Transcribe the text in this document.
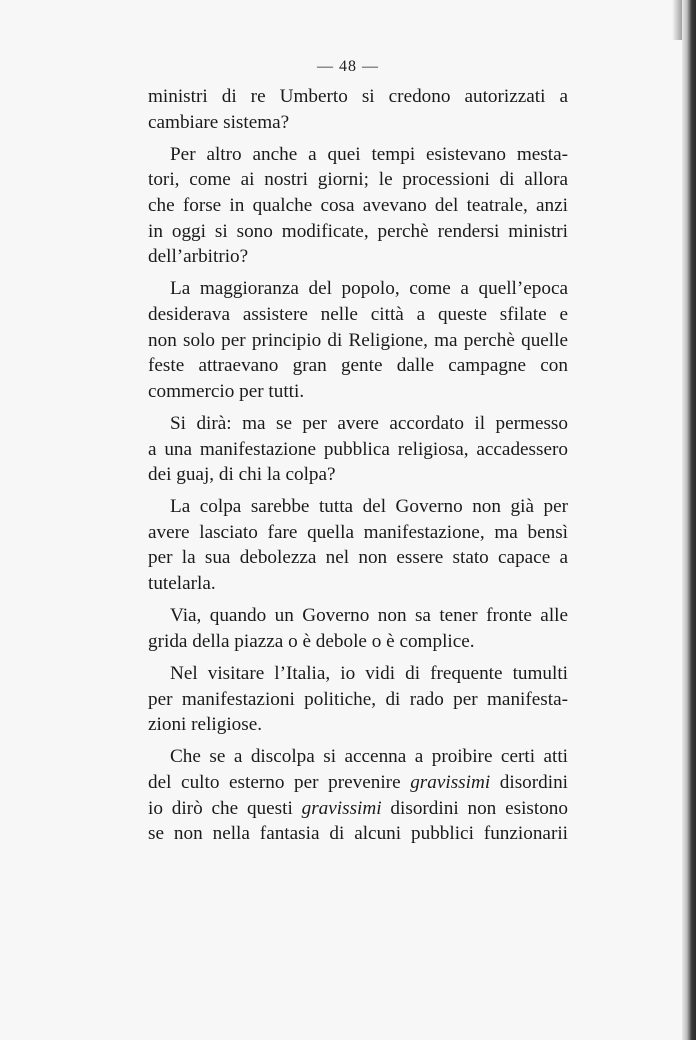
— 48 —

ministri di re Umberto si credono autorizzati a
cambiare sistema?

Per altro anche a quei tempi esistevano mesta-
tori, come ai nostri giorni; le processioni di allora
che forse in qualche cosa avevano del teatrale, anzi
in oggi si sono modificate, perchè rendersi ministri
dell’arbitrio?

La maggioranza del popolo, come a quell’epoca
desiderava assistere nelle città a queste sfilate e
non solo per principio di Religione, ma perchè quelle
feste attraevano gran gente dalle campagne con
commercio per tutti.

Si dirà: ma se per avere accordato il permesso
a una manifestazione pubblica religiosa, accadessero
dei guaj, di chi la colpa?

La colpa sarebbe tutta del Governo non già per
avere lasciato fare quella manifestazione, ma bensì
per la sua debolezza nel non essere stato capace a
tutelarla.

Via, quando un Governo non sa tener fronte alle
grida della piazza o è debole o è complice.

Nel visitare l’Italia, io vidi di frequente tumulti
per manifestazioni politiche, di rado per manifesta-
zioni religiose.

Che se a discolpa si accenna a proibire certi atti
del culto esterno per prevenire gravissimi disordini
io dirò che questi gravissimi disordini non esistono
se non nella fantasia di alcuni pubblici funzionarii
